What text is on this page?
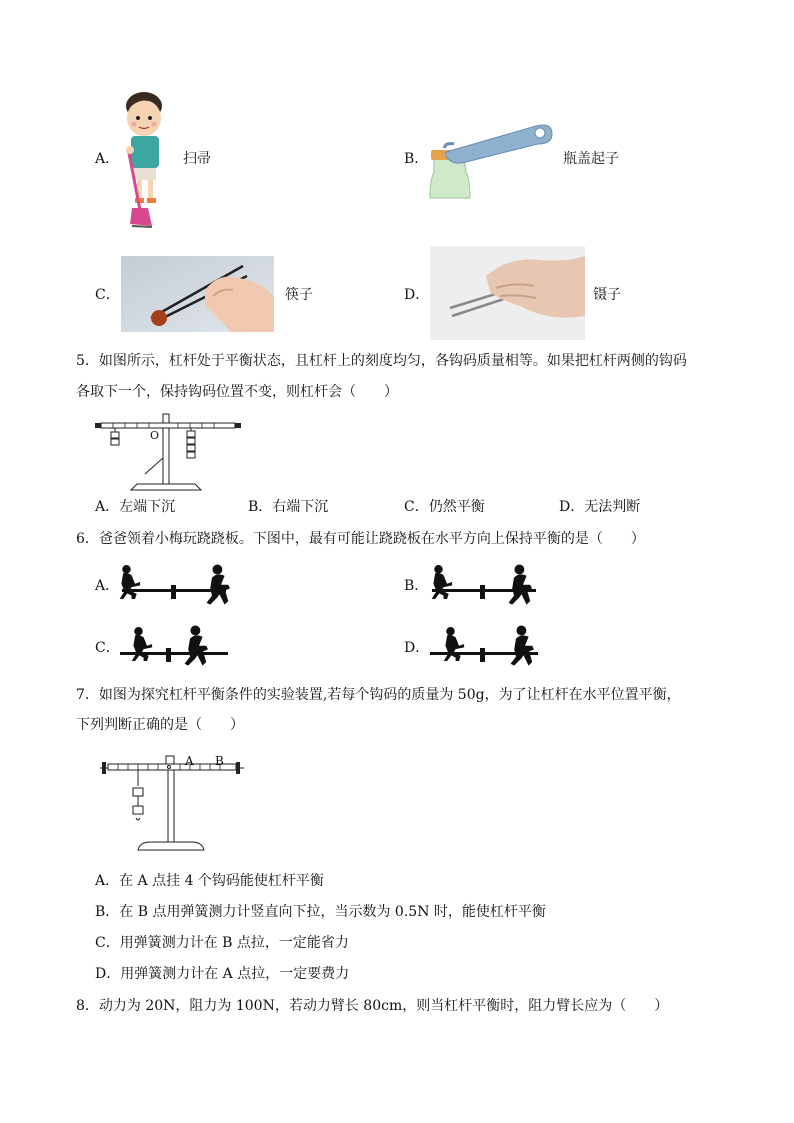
A．	扫帚	B．	瓶盖起子
C．	筷子	D．	镊子
5．如图所示，杠杆处于平衡状态，且杠杆上的刻度均匀，各钩码质量相等。如果把杠杆两侧的钩码
各取下一个，保持钩码位置不变，则杠杆会（　　）
O
A．左端下沉	B．右端下沉	C．仍然平衡	D．无法判断
6．爸爸领着小梅玩跷跷板。下图中，最有可能让跷跷板在水平方向上保持平衡的是（　　）
A．	B．
C．	D．
7．如图为探究杠杆平衡条件的实验装置,若每个钩码的质量为 50g，为了让杠杆在水平位置平衡，
下列判断正确的是（　　）
A B
A．在 A 点挂 4 个钩码能使杠杆平衡
B．在 B 点用弹簧测力计竖直向下拉，当示数为 0.5N 时，能使杠杆平衡
C．用弹簧测力计在 B 点拉，一定能省力
D．用弹簧测力计在 A 点拉，一定要费力
8．动力为 20N，阻力为 100N，若动力臂长 80cm，则当杠杆平衡时，阻力臂长应为（　　）
